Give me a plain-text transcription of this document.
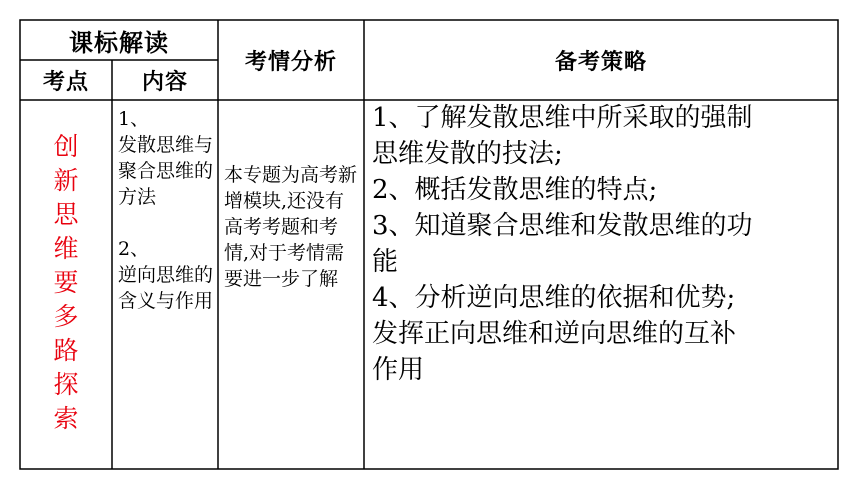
课标解读
考点	内容
考情分析	备考策略
创新思维要多路探索

1、
发散思维与聚合思维的方法

2、
逆向思维的含义与作用

本专题为高考新增模块,还没有高考考题和考情,对于考情需要进一步了解
1、了解发散思维中所采取的强制
思维发散的技法;
2、概括发散思维的特点;
3、知道聚合思维和发散思维的功
能
4、分析逆向思维的依据和优势;
发挥正向思维和逆向思维的互补
作用
